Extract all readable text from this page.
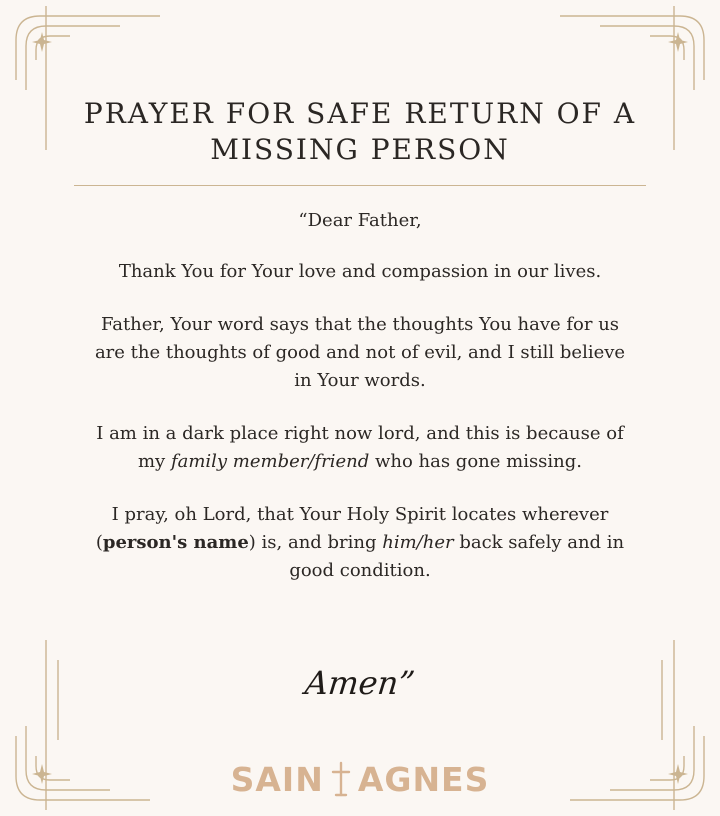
PRAYER FOR SAFE RETURN OF A
MISSING PERSON

“Dear Father,

Thank You for Your love and compassion in our lives.

Father, Your word says that the thoughts You have for us
are the thoughts of good and not of evil, and I still believe
in Your words.

I am in a dark place right now lord, and this is because of
my family member/friend who has gone missing.

I pray, oh Lord, that Your Holy Spirit locates wherever
(person's name) is, and bring him/her back safely and in
good condition.

Amen”
SAIN AGNES
